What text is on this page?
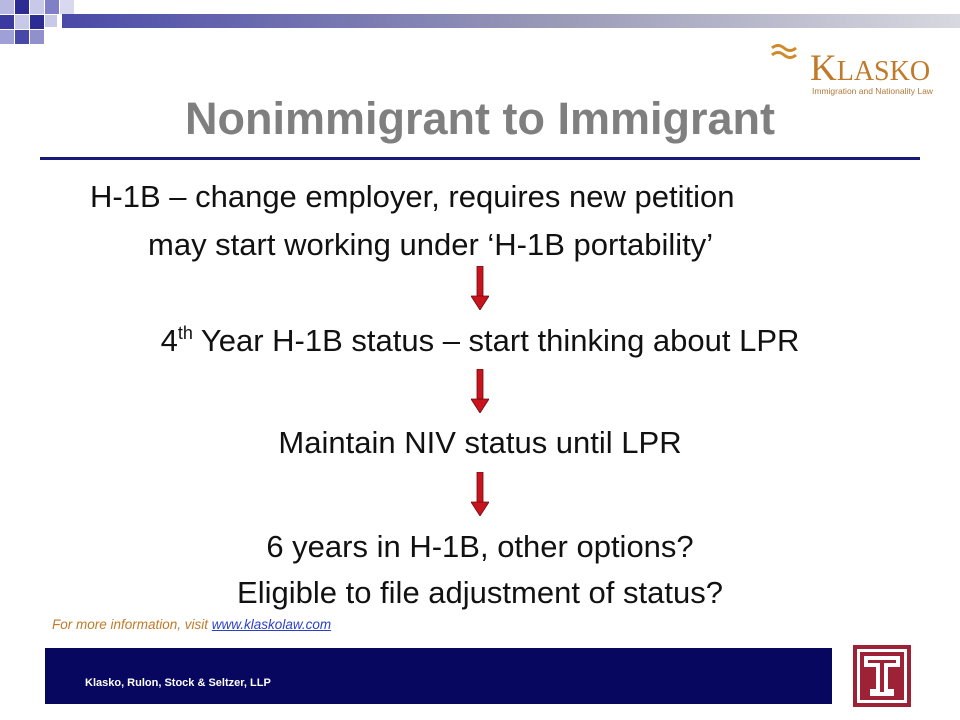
KLASKO
Immigration and Nationality Law
Nonimmigrant to Immigrant
H-1B – change employer, requires new petition
may start working under ‘H-1B portability’
4th Year H-1B status – start thinking about LPR
Maintain NIV status until LPR
6 years in H-1B, other options?
Eligible to file adjustment of status?
For more information, visit www.klaskolaw.com
Klasko, Rulon, Stock & Seltzer, LLP
